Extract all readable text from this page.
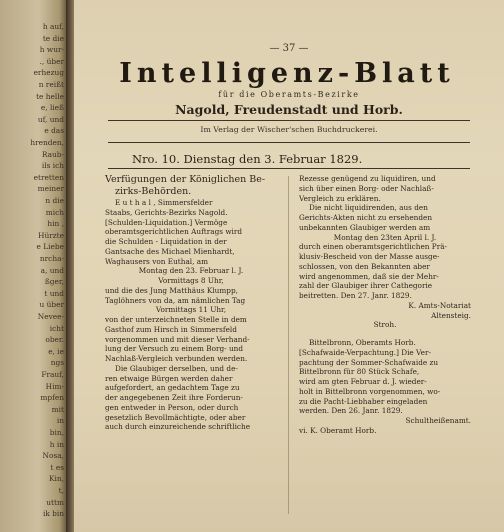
h auf,
te die
h wur-
., über
erhezug
n reißt
te helle
e, ließ
uf, und
e das
hrenden,
Raub-
ils ich
etretten
meiner
n die
mich
hin ,
Hürzte
e Liebe
nrcha-
a, und
ßger,
t und
u über
Nevee-
icht
ober.
e, ie
ngs
Frauf,
Him-
mpfen
mit
in
bin,
h in
Nosa,
t es
Kin,
t,
uttm
ik bin
— 37 —
Intelligenz-Blatt
für die Oberamts-Bezirke
Nagold, Freudenstadt und Horb.
Im Verlag der Wischer'schen Buchdruckerei.
Nro. 10. Dienstag den 3. Februar 1829.
Verfügungen der Königlichen Be-
zirks-Behörden.
E u t h a l , Simmersfelder
Staabs, Gerichts-Bezirks Nagold.
[Schulden-Liquidation.] Vermöge
oberamtsgerichtlichen Auftrags wird
die Schulden - Liquidation in der
Gantsache des Michael Mienhardt,
Waghausers von Euthal, am
Montag den 23. Februar l. J.
Vormittags 8 Uhr,
und die des Jung Matthäus Klumpp,
Taglöhners von da, am nämlichen Tag
Vormittags 11 Uhr,
von der unterzeichneten Stelle in dem
Gasthof zum Hirsch in Simmersfeld
vorgenommen und mit dieser Verhand-
lung der Versuch zu einem Borg- und
Nachlaß-Vergleich verbunden werden.
Die Glaubiger derselben, und de-
ren etwaige Bürgen werden daher
aufgefordert, an gedachtem Tage zu
der angegebenen Zeit ihre Forderun-
gen entweder in Person, oder durch
gesetzlich Bevollmächtigte, oder aber
auch durch einzureichende schriftliche
Rezesse genügend zu liquidiren, und
sich über einen Borg- oder Nachlaß-
Vergleich zu erklären.
Die nicht liquidirenden, aus den
Gerichts-Akten nicht zu ersehenden
unbekannten Glaubiger werden am
Montag den 23ten April l. J.
durch einen oberamtsgerichtlichen Prä-
klusiv-Bescheid von der Masse ausge-
schlossen, von den Bekannten aber
wird angenommen, daß sie der Mehr-
zahl der Glaubiger ihrer Cathegorie
beitretten. Den 27. Janr. 1829.
K. Amts-Notariat
Altensteig.
Stroh.
Bittelbronn, Oberamts Horb.
[Schafwaide-Verpachtung.] Die Ver-
pachtung der Sommer-Schafwaide zu
Bittelbronn für 80 Stück Schafe,
wird am gten Februar d. J. wieder-
holt in Bittelbronn vorgenommen, wo-
zu die Pacht-Liebhaber eingeladen
werden. Den 26. Janr. 1829.
Schultheißenamt.
vi. K. Oberamt Horb.
